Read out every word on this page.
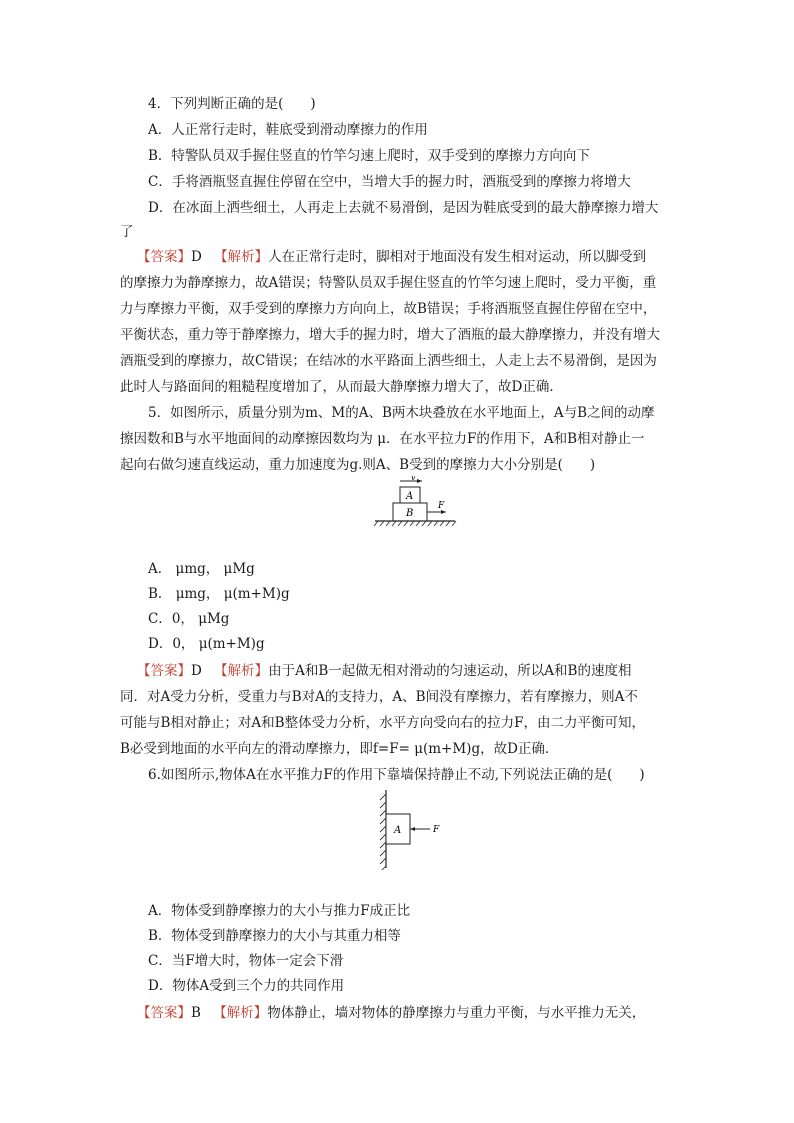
4．下列判断正确的是(　　)
A．人正常行走时，鞋底受到滑动摩擦力的作用
B．特警队员双手握住竖直的竹竿匀速上爬时，双手受到的摩擦力方向向下
C．手将酒瓶竖直握住停留在空中，当增大手的握力时，酒瓶受到的摩擦力将增大
D．在冰面上洒些细土，人再走上去就不易滑倒，是因为鞋底受到的最大静摩擦力增大
了
【答案】D 【解析】人在正常行走时，脚相对于地面没有发生相对运动，所以脚受到
的摩擦力为静摩擦力，故A错误；特警队员双手握住竖直的竹竿匀速上爬时，受力平衡，重
力与摩擦力平衡，双手受到的摩擦力方向向上，故B错误；手将酒瓶竖直握住停留在空中，
平衡状态，重力等于静摩擦力，增大手的握力时，增大了酒瓶的最大静摩擦力，并没有增大
酒瓶受到的摩擦力，故C错误；在结冰的水平路面上洒些细土，人走上去不易滑倒，是因为
此时人与路面间的粗糙程度增加了，从而最大静摩擦力增大了，故D正确．
5．如图所示，质量分别为m、M的A、B两木块叠放在水平地面上，A与B之间的动摩
擦因数和B与水平地面间的动摩擦因数均为 μ．在水平拉力F的作用下，A和B相对静止一
起向右做匀速直线运动，重力加速度为g.则A、B受到的摩擦力大小分别是(　　)
v
A
B
F
A． μmg， μMg
B． μmg， μ(m+M)g
C．0， μMg
D．0， μ(m+M)g
【答案】D 【解析】由于A和B一起做无相对滑动的匀速运动，所以A和B的速度相
同．对A受力分析，受重力与B对A的支持力，A、B间没有摩擦力，若有摩擦力，则A不
可能与B相对静止；对A和B整体受力分析，水平方向受向右的拉力F，由二力平衡可知，
B必受到地面的水平向左的滑动摩擦力，即f=F= μ(m+M)g，故D正确．
6.如图所示,物体A在水平推力F的作用下靠墙保持静止不动,下列说法正确的是(　　)
A	F
A．物体受到静摩擦力的大小与推力F成正比
B．物体受到静摩擦力的大小与其重力相等
C．当F增大时，物体一定会下滑
D．物体A受到三个力的共同作用
【答案】B 【解析】物体静止，墙对物体的静摩擦力与重力平衡，与水平推力无关，
